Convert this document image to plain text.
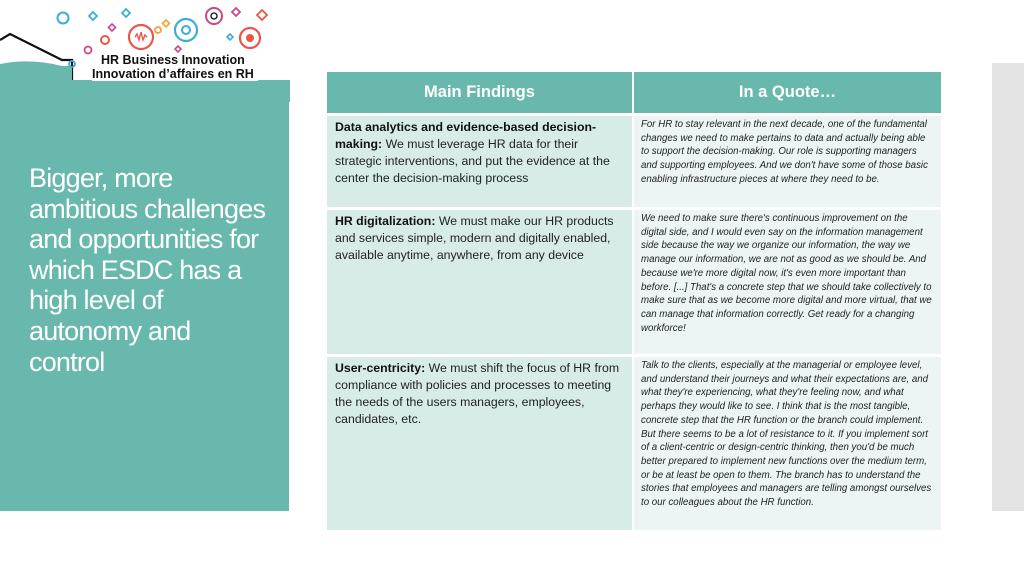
HR Business Innovation
Innovation d’affaires en RH
Bigger, more ambitious challenges and opportunities for which ESDC has a high level of autonomy and control
Main Findings	In a Quote…

Data analytics and evidence-based decision-making: We must leverage HR data for their strategic interventions, and put the evidence at the center the decision-making process	For HR to stay relevant in the next decade, one of the fundamental changes we need to make pertains to data and actually being able to support the decision-making. Our role is supporting managers and supporting employees. And we don't have some of those basic enabling infrastructure pieces at where they need to be.

HR digitalization: We must make our HR products and services simple, modern and digitally enabled, available anytime, anywhere, from any device	We need to make sure there's continuous improvement on the digital side, and I would even say on the information management side because the way we organize our information, the way we manage our information, we are not as good as we should be. And because we're more digital now, it's even more important than before. [...] That's a concrete step that we should take collectively to make sure that as we become more digital and more virtual, that we can manage that information correctly. Get ready for a changing workforce!

User-centricity: We must shift the focus of HR from compliance with policies and processes to meeting the needs of the users managers, employees, candidates, etc.	Talk to the clients, especially at the managerial or employee level, and understand their journeys and what their expectations are, and what they're experiencing, what they're feeling now, and what perhaps they would like to see. I think that is the most tangible, concrete step that the HR function or the branch could implement. But there seems to be a lot of resistance to it. If you implement sort of a client-centric or design-centric thinking, then you'd be much better prepared to implement new functions over the medium term, or be at least be open to them. The branch has to understand the stories that employees and managers are telling amongst ourselves to our colleagues about the HR function.
